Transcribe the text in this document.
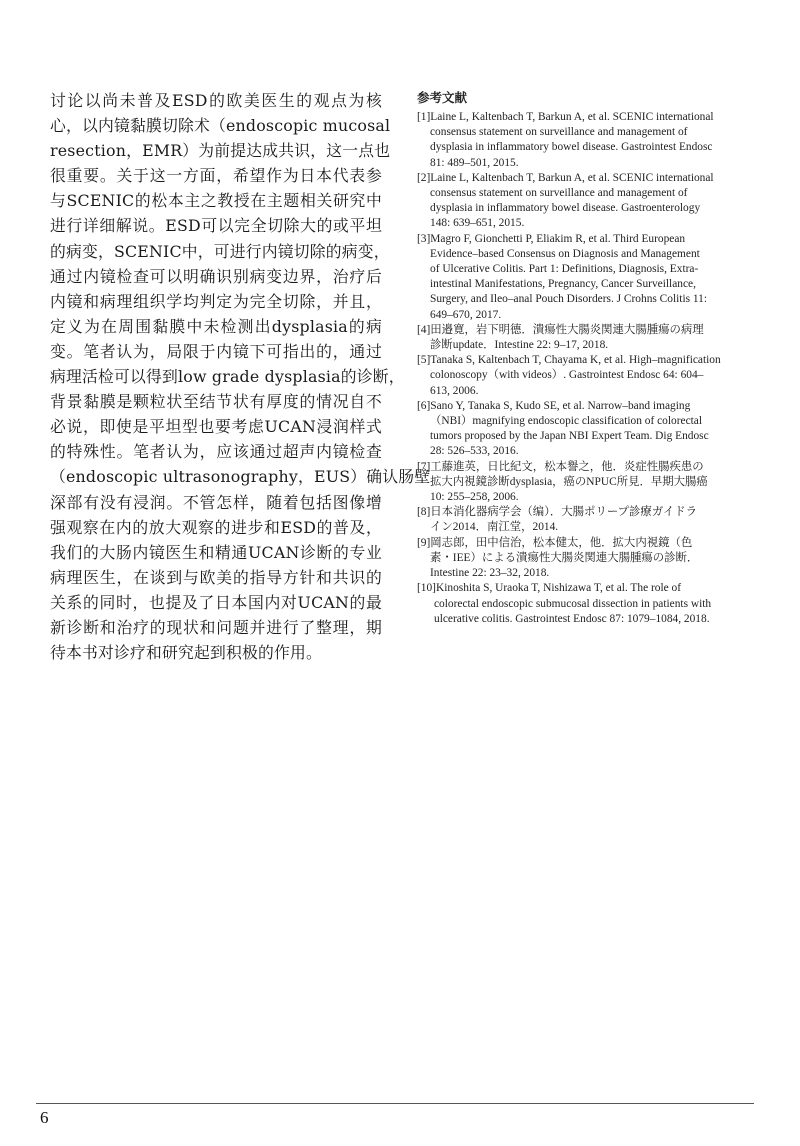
讨论以尚未普及ESD的欧美医生的观点为核
心，以内镜黏膜切除术（endoscopic mucosal
resection，EMR）为前提达成共识，这一点也
很重要。关于这一方面，希望作为日本代表参
与SCENIC的松本主之教授在主题相关研究中
进行详细解说。ESD可以完全切除大的或平坦
的病变，SCENIC中，可进行内镜切除的病变，
通过内镜检查可以明确识别病变边界，治疗后
内镜和病理组织学均判定为完全切除，并且，
定义为在周围黏膜中未检测出dysplasia的病
变。笔者认为，局限于内镜下可指出的，通过
病理活检可以得到low grade dysplasia的诊断，
背景黏膜是颗粒状至结节状有厚度的情况自不
必说，即使是平坦型也要考虑UCAN浸润样式
的特殊性。笔者认为，应该通过超声内镜检查
（endoscopic ultrasonography，EUS）确认肠壁
深部有没有浸润。不管怎样，随着包括图像增
强观察在内的放大观察的进步和ESD的普及，
我们的大肠内镜医生和精通UCAN诊断的专业
病理医生，在谈到与欧美的指导方针和共识的
关系的同时，也提及了日本国内对UCAN的最
新诊断和治疗的现状和问题并进行了整理，期
待本书对诊疗和研究起到积极的作用。
参考文献
[1]Laine L, Kaltenbach T, Barkun A, et al. SCENIC international
consensus statement on surveillance and management of
dysplasia in inflammatory bowel disease. Gastrointest Endosc
81: 489–501, 2015.
[2]Laine L, Kaltenbach T, Barkun A, et al. SCENIC international
consensus statement on surveillance and management of
dysplasia in inflammatory bowel disease. Gastroenterology
148: 639–651, 2015.
[3]Magro F, Gionchetti P, Eliakim R, et al. Third European
Evidence–based Consensus on Diagnosis and Management
of Ulcerative Colitis. Part 1: Definitions, Diagnosis, Extra-
intestinal Manifestations, Pregnancy, Cancer Surveillance,
Surgery, and Ileo–anal Pouch Disorders. J Crohns Colitis 11:
649–670, 2017.
[4]田邉寛，岩下明德．潰瘍性大腸炎関連大腸腫瘍の病理
診断update．Intestine 22: 9–17, 2018.
[5]Tanaka S, Kaltenbach T, Chayama K, et al. High–magnification
colonoscopy（with videos）. Gastrointest Endosc 64: 604–
613, 2006.
[6]Sano Y, Tanaka S, Kudo SE, et al. Narrow–band imaging
（NBI）magnifying endoscopic classification of colorectal
tumors proposed by the Japan NBI Expert Team. Dig Endosc
28: 526–533, 2016.
[7]工藤進英，日比紀文，松本譽之，他．炎症性腸疾患の
拡大内視鏡診断dysplasia，癌のNPUC所見．早期大腸癌
10: 255–258, 2006.
[8]日本消化器病学会（编）．大腸ポリープ診療ガイドラ
イン2014．南江堂，2014.
[9]岡志郎，田中信治，松本健太，他．拡大内視鏡（色
素・IEE）による潰瘍性大腸炎関連大腸腫瘍の診断．
Intestine 22: 23–32, 2018.
[10]Kinoshita S, Uraoka T, Nishizawa T, et al. The role of
colorectal endoscopic submucosal dissection in patients with
ulcerative colitis. Gastrointest Endosc 87: 1079–1084, 2018.
6
